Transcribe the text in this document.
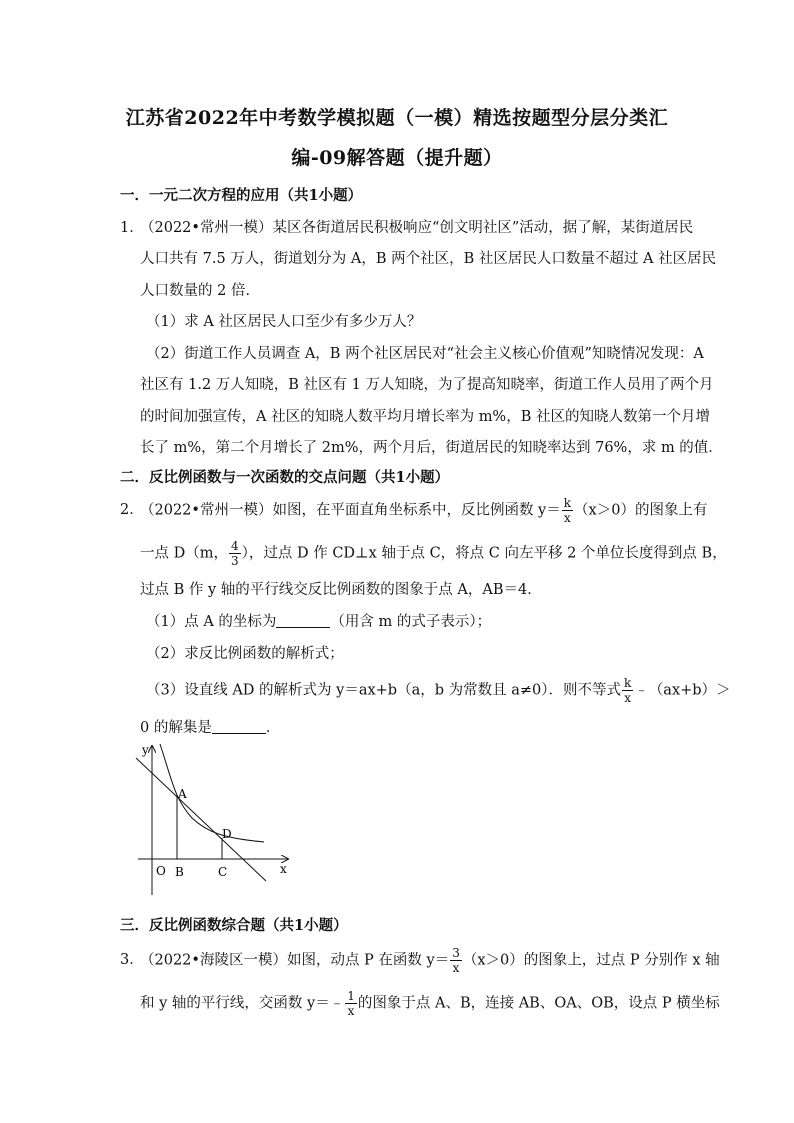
江苏省2022年中考数学模拟题（一模）精选按题型分层分类汇
编-09解答题（提升题）
一．一元二次方程的应用（共1小题）
1．
（2022•常州一模）某区各街道居民积极响应“创文明社区”活动，据了解，某街道居民
人口共有 7.5 万人，街道划分为 A，B 两个社区，B 社区居民人口数量不超过 A 社区居民
人口数量的 2 倍．
（1）求 A 社区居民人口至少有多少万人？
（2）街道工作人员调查 A，B 两个社区居民对“社会主义核心价值观”知晓情况发现：A
社区有 1.2 万人知晓，B 社区有 1 万人知晓，为了提高知晓率，街道工作人员用了两个月
的时间加强宣传，A 社区的知晓人数平均月增长率为 m%，B 社区的知晓人数第一个月增
长了 m%，第二个月增长了 2m%，两个月后，街道居民的知晓率达到 76%，求 m 的值．
二．反比例函数与一次函数的交点问题（共1小题）
2．
（2022•常州一模）如图，在平面直角坐标系中，反比例函数 $y= \frac{k}{x} (x>0)$的图象上有
一点 D（m， $\frac{4}{3}$ ），过点 D 作 CD⊥x 轴于点 C，将点 C 向左平移 2 个单位长度得到点 B，
过点 B 作 y 轴的平行线交反比例函数的图象于点 A，AB＝4．
（1）点 A 的坐标为	（用含 m 的式子表示）；
（2）求反比例函数的解析式；
（3）设直线 AD 的解析式为 y＝ax+b（a，b 为常数且 a≠0）．则不等式 $\frac{k}{x}$ ﹣（ax+b）＞
0 的解集是	．
y
x
O B	C
A
D
三．反比例函数综合题（共1小题）
3．
（2022•海陵区一模）如图，动点 P 在函数 $y= \frac{3}{x} (x>0)$的图象上，过点 P 分别作 x 轴
和 y 轴的平行线，交函数 y＝﹣ $\frac{1}{x}$ 的图象于点 A、B，连接 AB、OA、OB，设点 P 横坐标
